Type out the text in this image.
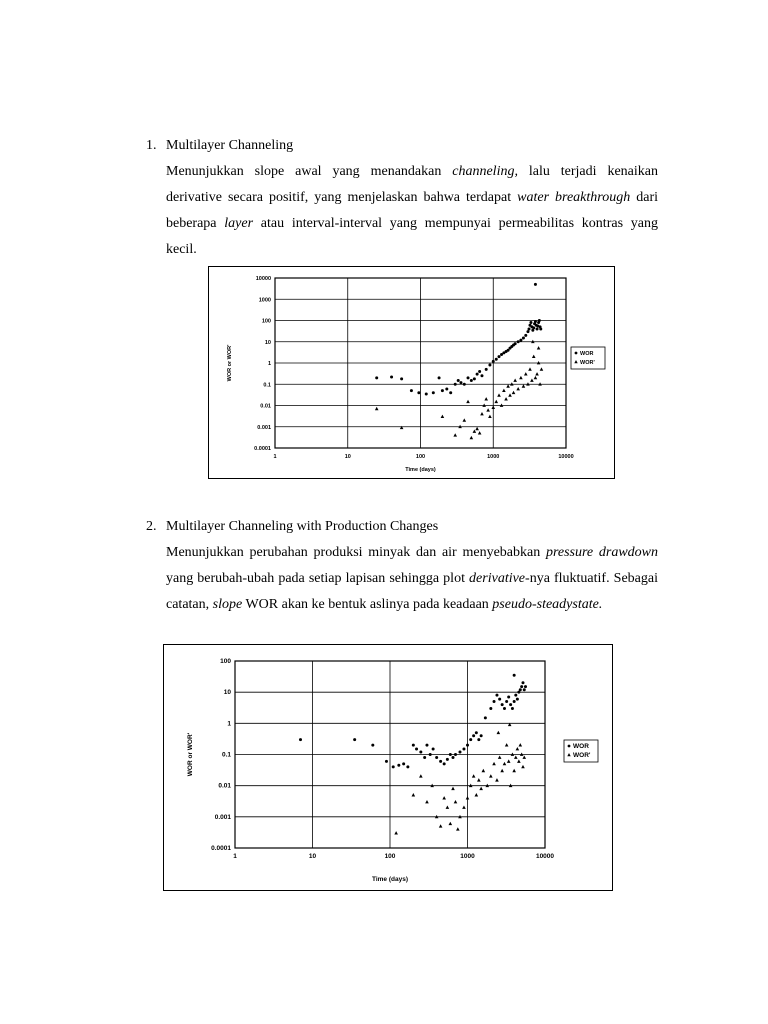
1. Multilayer Channeling
Menunjukkan slope awal yang menandakan channeling, lalu terjadi kenaikan derivative secara positif, yang menjelaskan bahwa terdapat water breakthrough dari beberapa layer atau interval-interval yang mempunyai permeabilitas kontras yang kecil.
1	10	100	1000	10000
0.0001
0.001
0.01
0.1
1
10
100
1000
10000
Time (days)
WOR or WOR'	WOR
WOR'
2. Multilayer Channeling with Production Changes
Menunjukkan perubahan produksi minyak dan air menyebabkan pressure drawdown yang berubah-ubah pada setiap lapisan sehingga plot derivative-nya fluktuatif. Sebagai catatan, slope WOR akan ke bentuk aslinya pada keadaan pseudo-steadystate.
1	10	100	1000	10000
0.0001
0.001
0.01
0.1
1
10
100
Time (days)
WOR or WOR'	WOR
WOR'
